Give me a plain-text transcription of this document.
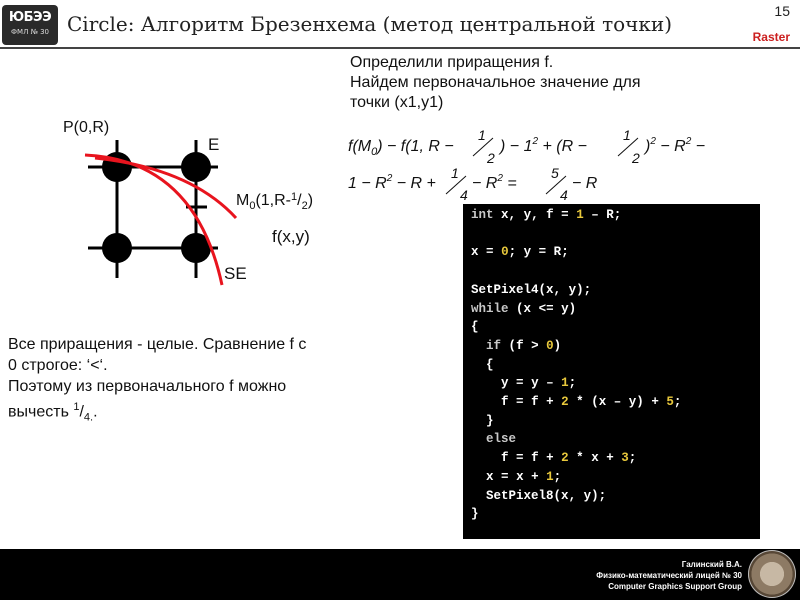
ЮБЭЭ
ФМЛ № 30 Circle: Алгоритм Брезенхема (метод центральной точки)
15
Raster
P(0,R)
E
$M_0(1,R-^1/_2)$
f(x,y)
SE
Определили приращения f.
Найдем первоначальное значение для
точки (x1,y1)
$f(M_0) - f(1$, R −
1
2
) − $1^2 + (R$ −
1
2
)$^2 - R^2$ −
$1 - R^2 - R$ +
1
4
− $R^2$ =
5
4
− R
int x, y, f = 1 – R;

x = 0; y = R;

SetPixel4(x, y);
while (x <= y)
{
if (f > 0)
{
y = y – 1;
f = f + 2 * (x – y) + 5;
}
else
f = f + 2 * x + 3;
x = x + 1;
SetPixel8(x, y);
}
Все приращения - целые. Сравнение f с
0 строгое: ‘<‘.
Поэтому из первоначального f можно
вычесть $^1/_{4.}$.
Галинский В.А.
Физико-математический лицей № 30
Computer Graphics Support Group
